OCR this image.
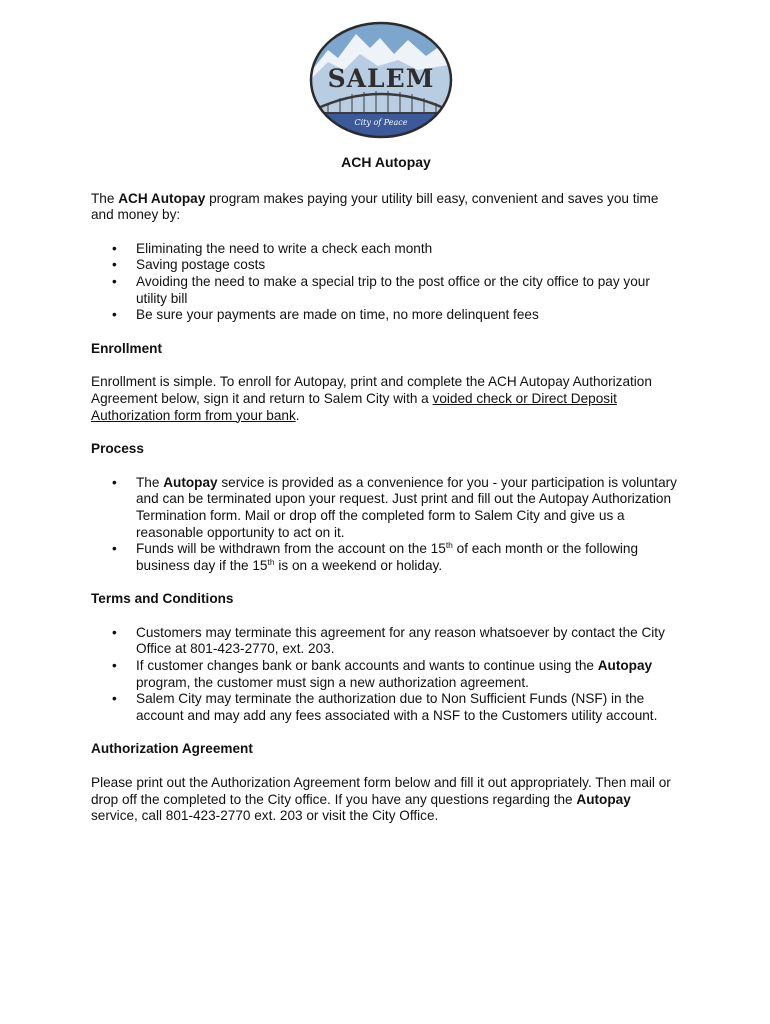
SALEM
City of Peace

ACH Autopay

The ACH Autopay program makes paying your utility bill easy, convenient and saves you time and money by:

• Eliminating the need to write a check each month
• Saving postage costs
• Avoiding the need to make a special trip to the post office or the city office to pay your utility bill
• Be sure your payments are made on time, no more delinquent fees

Enrollment

Enrollment is simple. To enroll for Autopay, print and complete the ACH Autopay Authorization Agreement below, sign it and return to Salem City with a voided check or Direct Deposit Authorization form from your bank.

Process

• The Autopay service is provided as a convenience for you - your participation is voluntary and can be terminated upon your request. Just print and fill out the Autopay Authorization Termination form. Mail or drop off the completed form to Salem City and give us a reasonable opportunity to act on it.
• Funds will be withdrawn from the account on the 15th of each month or the following business day if the 15th is on a weekend or holiday.

Terms and Conditions

• Customers may terminate this agreement for any reason whatsoever by contact the City Office at 801-423-2770, ext. 203.
• If customer changes bank or bank accounts and wants to continue using the Autopay program, the customer must sign a new authorization agreement.
• Salem City may terminate the authorization due to Non Sufficient Funds (NSF) in the account and may add any fees associated with a NSF to the Customers utility account.

Authorization Agreement

Please print out the Authorization Agreement form below and fill it out appropriately. Then mail or drop off the completed to the City office. If you have any questions regarding the Autopay service, call 801-423-2770 ext. 203 or visit the City Office.
